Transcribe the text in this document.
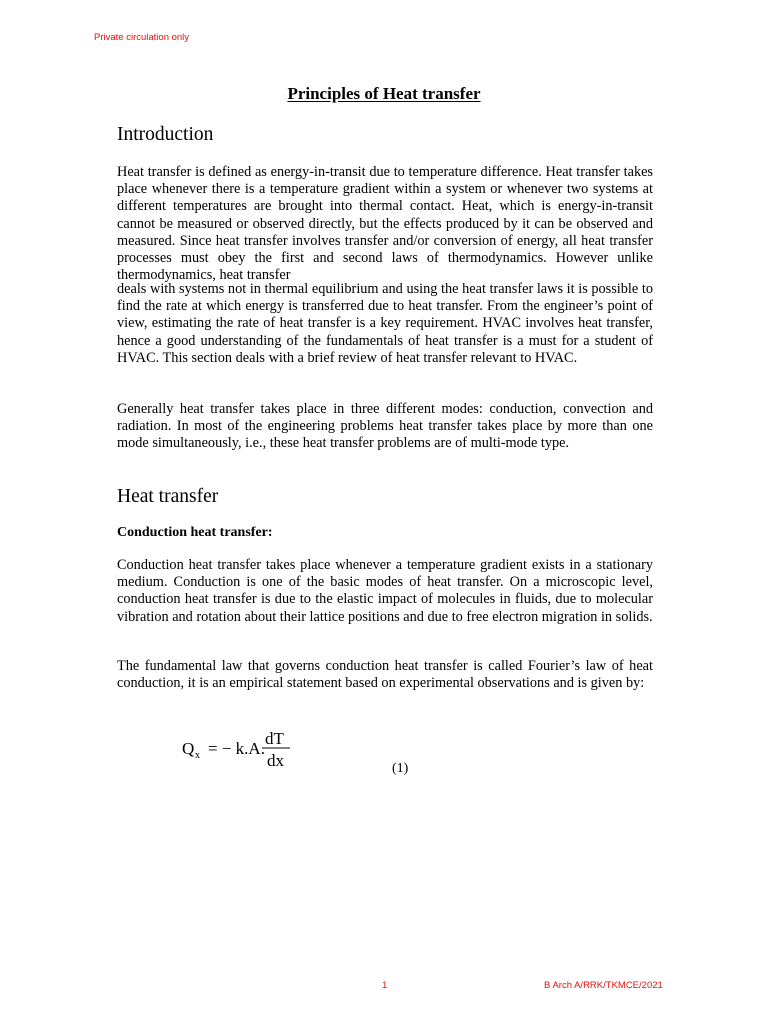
Private circulation only
Principles of Heat transfer
Introduction

Heat transfer is defined as energy-in-transit due to temperature difference. Heat transfer takes place whenever there is a temperature gradient within a system or whenever two systems at different temperatures are brought into thermal contact. Heat, which is energy-in-transit cannot be measured or observed directly, but the effects produced by it can be observed and measured. Since heat transfer involves transfer and/or conversion of energy, all heat transfer processes must obey the first and second laws of thermodynamics. However unlike thermodynamics, heat transfer

deals with systems not in thermal equilibrium and using the heat transfer laws it is possible to find the rate at which energy is transferred due to heat transfer. From the engineer’s point of view, estimating the rate of heat transfer is a key requirement. HVAC involves heat transfer, hence a good understanding of the fundamentals of heat transfer is a must for a student of HVAC. This section deals with a brief review of heat transfer relevant to HVAC.

Generally heat transfer takes place in three different modes: conduction, convection and radiation. In most of the engineering problems heat transfer takes place by more than one mode simultaneously, i.e., these heat transfer problems are of multi-mode type.

Heat transfer
Conduction heat transfer:

Conduction heat transfer takes place whenever a temperature gradient exists in a stationary medium. Conduction is one of the basic modes of heat transfer. On a microscopic level, conduction heat transfer is due to the elastic impact of molecules in fluids, due to molecular vibration and rotation about their lattice positions and due to free electron migration in solids.

The fundamental law that governs conduction heat transfer is called Fourier’s law of heat conduction, it is an empirical statement based on experimental observations and is given by:

Q x = − k.A.
dT
dx	(1)
1	B Arch A/RRK/TKMCE/2021
